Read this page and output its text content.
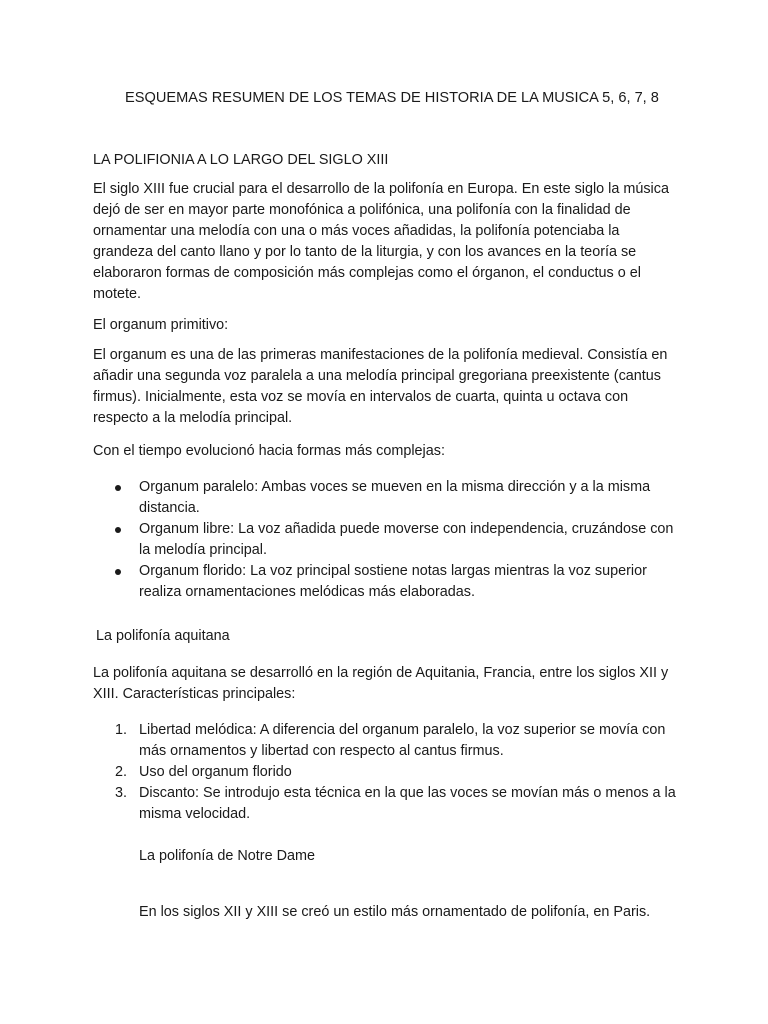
ESQUEMAS RESUMEN DE LOS TEMAS DE HISTORIA DE LA MUSICA 5, 6, 7, 8

LA POLIFIONIA A LO LARGO DEL SIGLO XIII

El siglo XIII fue crucial para el desarrollo de la polifonía en Europa. En este siglo la música dejó de ser en mayor parte monofónica a polifónica, una polifonía con la finalidad de ornamentar una melodía con una o más voces añadidas, la polifonía potenciaba la grandeza del canto llano y por lo tanto de la liturgia, y con los avances en la teoría se elaboraron formas de composición más complejas como el órganon, el conductus o el motete.

El organum primitivo:

El organum es una de las primeras manifestaciones de la polifonía medieval. Consistía en añadir una segunda voz paralela a una melodía principal gregoriana preexistente (cantus firmus). Inicialmente, esta voz se movía en intervalos de cuarta, quinta u octava con respecto a la melodía principal.

Con el tiempo evolucionó hacia formas más complejas:

Organum paralelo: Ambas voces se mueven en la misma dirección y a la misma distancia.
Organum libre: La voz añadida puede moverse con independencia, cruzándose con la melodía principal.
Organum florido: La voz principal sostiene notas largas mientras la voz superior realiza ornamentaciones melódicas más elaboradas.

La polifonía aquitana

La polifonía aquitana se desarrolló en la región de Aquitania, Francia, entre los siglos XII y XIII. Características principales:

1. Libertad melódica: A diferencia del organum paralelo, la voz superior se movía con más ornamentos y libertad con respecto al cantus firmus.
2. Uso del organum florido
3. Discanto: Se introdujo esta técnica en la que las voces se movían más o menos a la misma velocidad.

La polifonía de Notre Dame

En los siglos XII y XIII se creó un estilo más ornamentado de polifonía, en Paris.
